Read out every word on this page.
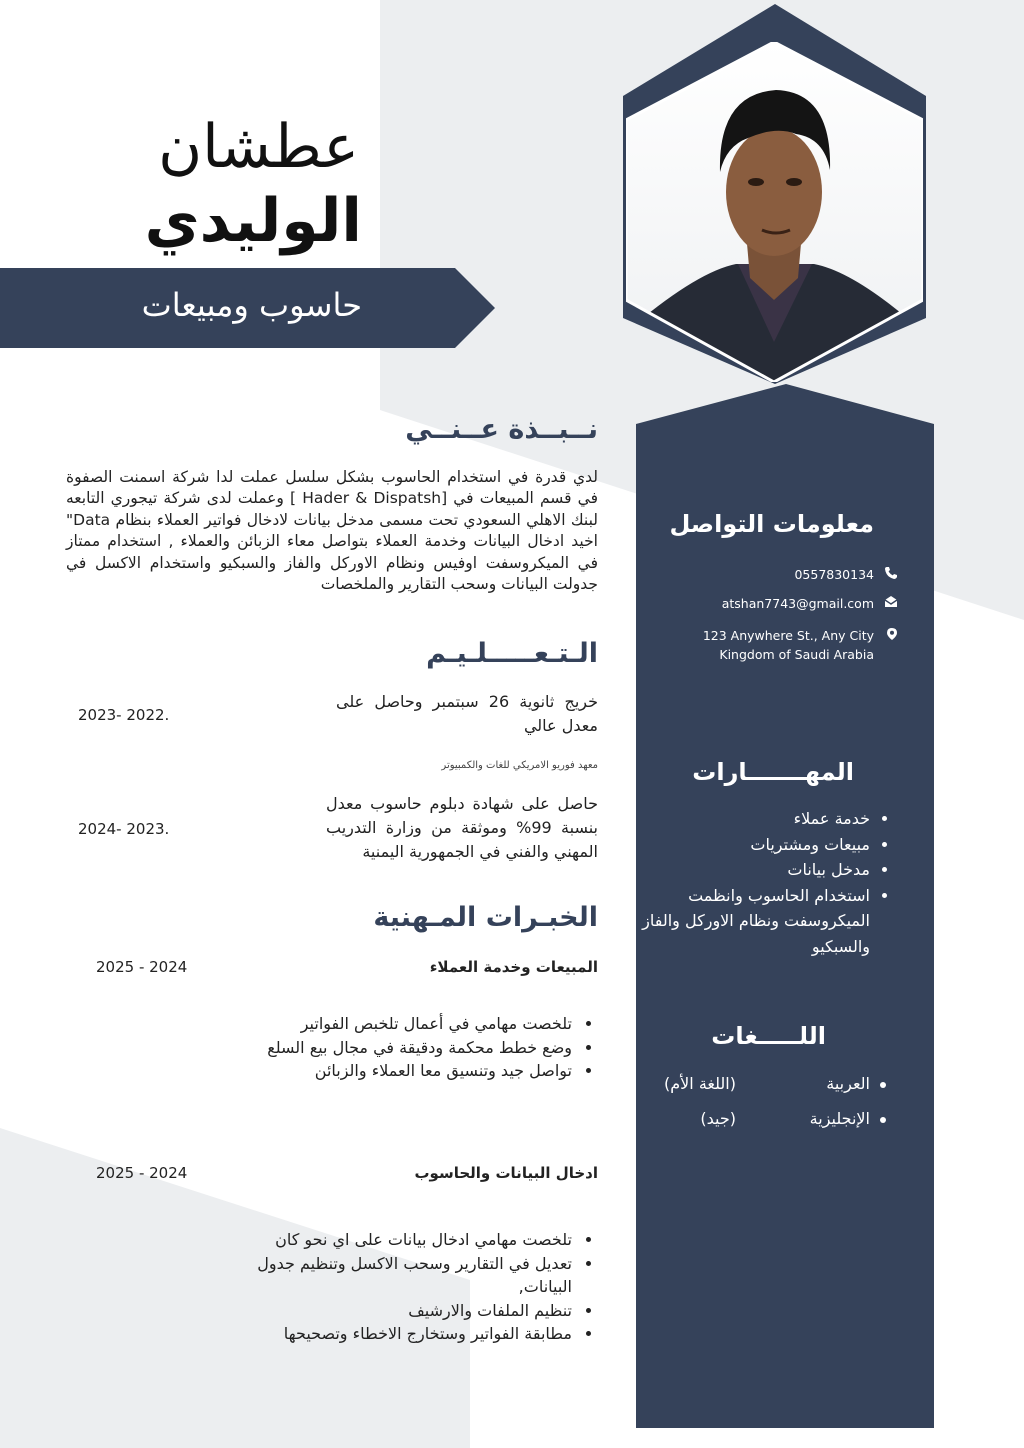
عطشان
الوليدي
حاسوب ومبيعات
نــبــذة عــنــي
لدي قدرة في استخدام الحاسوب بشكل سلسل عملت لدا شركة اسمنت الصفوة في قسم المبيعات في [Hader & Dispatsh ] وعملت لدى شركة تيجوري التابعه لبنك الاهلي السعودي تحت مسمى مدخل بيانات لادخال فواتير العملاء بنظام Data" اخيد ادخال البيانات وخدمة العملاء بتواصل معاء الزبائن والعملاء , استخدام ممتاز في الميكروسفت اوفيس ونظام الاوركل والفاز والسبكيو واستخدام الاكسل في جدولت البيانات وسحب التقارير والملخصات
الـتـعـــــلـيـم
خريج ثانوية 26 سبتمبر وحاصل على معدل عالي
2023- 2022.
معهد فوريو الامريكي للغات والكمبيوتر
حاصل على شهادة دبلوم حاسوب معدل بنسبة 99% وموثقة من وزارة التدريب المهني والفني في الجمهورية اليمنية
2024- 2023.
الخبـرات المـهنية
المبيعات وخدمة العملاء
2025 - 2024
• تلخصت مهامي في أعمال تلخبص الفواتير
• وضع خطط محكمة ودقيقة في مجال بيع السلع
• تواصل جيد وتنسيق معا العملاء والزبائن
ادخال البيانات والحاسوب
2025 - 2024
• تلخصت مهامي ادخال بيانات على اي نحو كان
• تعديل في التقارير وسحب الاكسل وتنظيم جدول البيانات,
• تنظيم الملفات والارشيف
• مطابقة الفواتير وستخارج الاخطاء وتصحيحها
معلومات التواصل
0557830134
atshan7743@gmail.com
123 Anywhere St., Any City Kingdom of Saudi Arabia
المهـــــــارات
• خدمة عملاء
• مبيعات ومشتريات
• مدخل بيانات
• استخدام الحاسوب وانظمت الميكروسفت ونظام الاوركل والفاز والسبكيو
اللـــــغات
العربية
(اللغة الأم)
الإنجليزية
(جيد)
